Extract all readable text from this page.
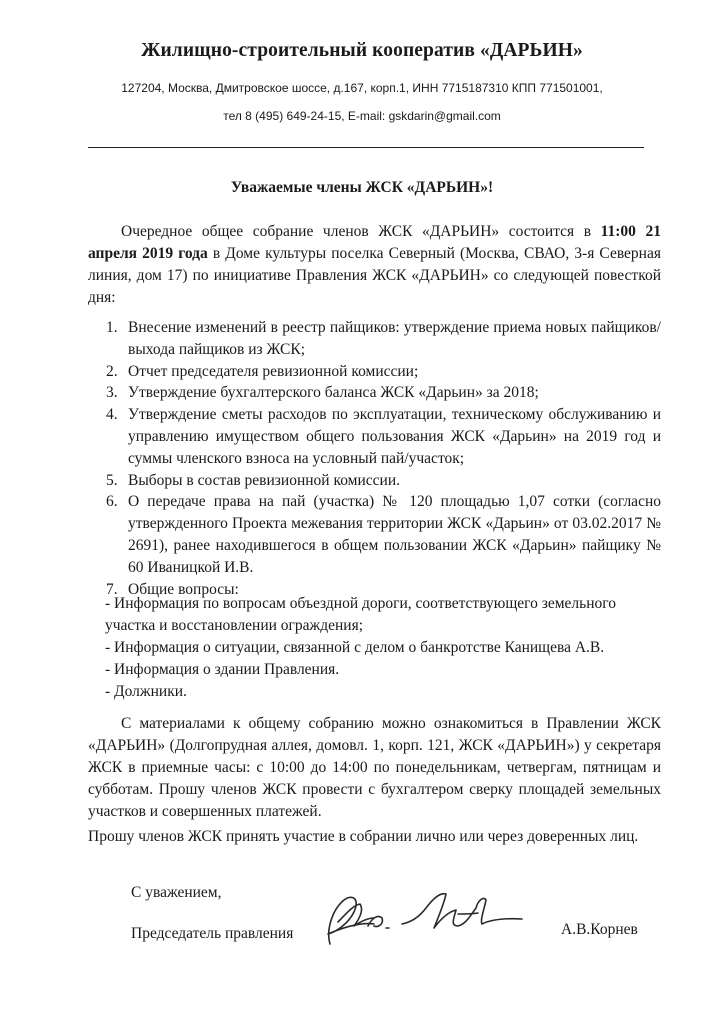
Жилищно-строительный кооператив «ДАРЬИН»
127204, Москва, Дмитровское шоссе, д.167, корп.1, ИНН 7715187310 КПП 771501001,
тел 8 (495) 649-24-15, E-mail: gskdarin@gmail.com
Уважаемые члены ЖСК «ДАРЬИН»!

Очередное общее собрание членов ЖСК «ДАРЬИН» состоится в 11:00 21 апреля 2019 года в Доме культуры поселка Северный (Москва, СВАО, 3-я Северная линия, дом 17) по инициативе Правления ЖСК «ДАРЬИН» со следующей повесткой дня:

1. Внесение изменений в реестр пайщиков: утверждение приема новых пайщиков/выхода пайщиков из ЖСК;
2. Отчет председателя ревизионной комиссии;
3. Утверждение бухгалтерского баланса ЖСК «Дарьин» за 2018;
4. Утверждение сметы расходов по эксплуатации, техническому обслуживанию и управлению имуществом общего пользования ЖСК «Дарьин» на 2019 год и суммы членского взноса на условный пай/участок;
5. Выборы в состав ревизионной комиссии.
6. О передаче права на пай (участка) № 120 площадью 1,07 сотки (согласно утвержденного Проекта межевания территории ЖСК «Дарьин» от 03.02.2017 № 2691), ранее находившегося в общем пользовании ЖСК «Дарьин» пайщику № 60 Иваницкой И.В.
7. Общие вопросы:
- Информация по вопросам объездной дороги, соответствующего земельного участка и восстановлении ограждения;
- Информация о ситуации, связанной с делом о банкротстве Канищева А.В.
- Информация о здании Правления.
- Должники.

С материалами к общему собранию можно ознакомиться в Правлении ЖСК «ДАРЬИН» (Долгопрудная аллея, домовл. 1, корп. 121, ЖСК «ДАРЬИН») у секретаря ЖСК в приемные часы: с 10:00 до 14:00 по понедельникам, четвергам, пятницам и субботам. Прошу членов ЖСК провести с бухгалтером сверку площадей земельных участков и совершенных платежей.

Прошу членов ЖСК принять участие в собрании лично или через доверенных лиц.

С уважением,
Председатель правления	А.В.Корнев
